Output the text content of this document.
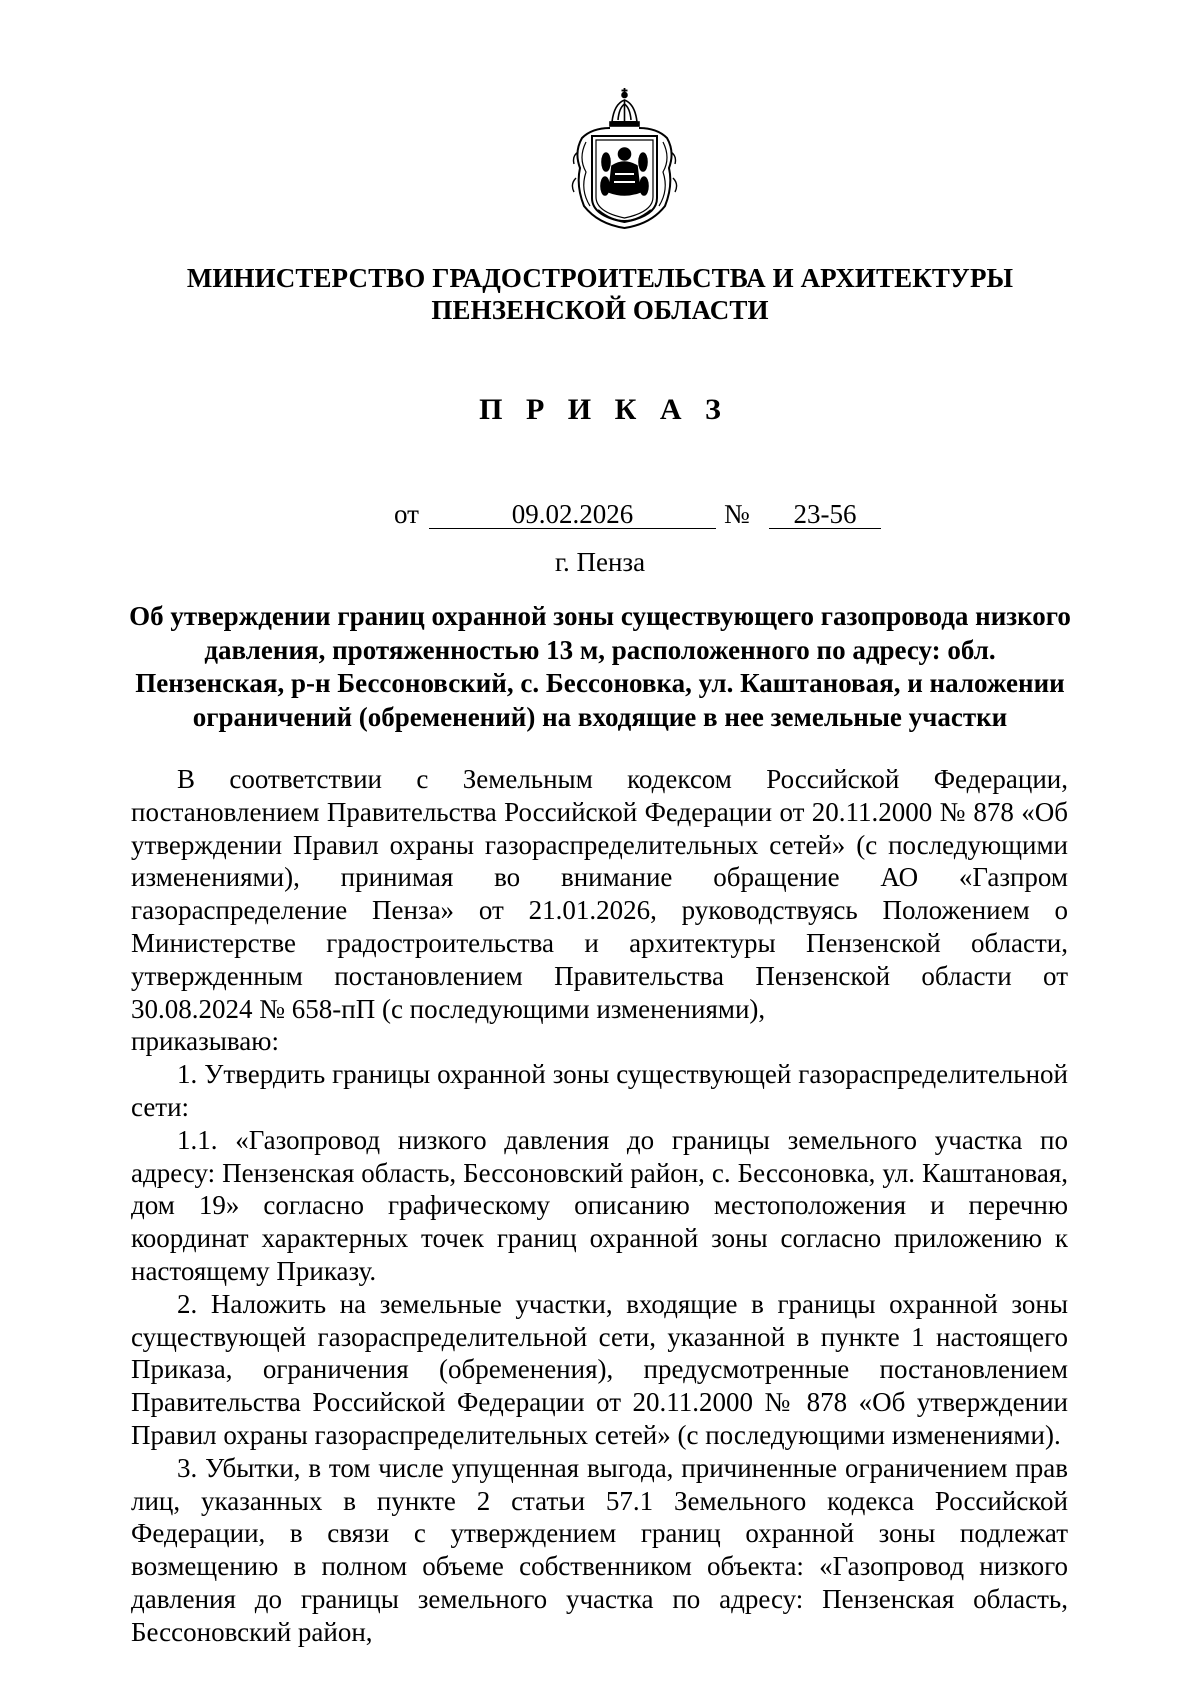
МИНИСТЕРСТВО ГРАДОСТРОИТЕЛЬСТВА И АРХИТЕКТУРЫ
ПЕНЗЕНСКОЙ ОБЛАСТИ
П Р И К А З
от	09.02.2026	№	23-56
г. Пенза
Об утверждении границ охранной зоны существующего газопровода низкого давления, протяженностью 13 м, расположенного по адресу: обл. Пензенская, р-н Бессоновский, с. Бессоновка, ул. Каштановая, и наложении ограничений (обременений) на входящие в нее земельные участки

В соответствии с Земельным кодексом Российской Федерации, постановлением Правительства Российской Федерации от 20.11.2000 № 878 «Об утверждении Правил охраны газораспределительных сетей» (с последующими изменениями), принимая во внимание обращение АО «Газпром газораспределение Пенза» от 21.01.2026, руководствуясь Положением о Министерстве градостроительства и архитектуры Пензенской области, утвержденным постановлением Правительства Пензенской области от 30.08.2024 № 658-пП (с последующими изменениями),

приказываю:

1. Утвердить границы охранной зоны существующей газораспределительной сети:

1.1. «Газопровод низкого давления до границы земельного участка по адресу: Пензенская область, Бессоновский район, с. Бессоновка, ул. Каштановая, дом 19» согласно графическому описанию местоположения и перечню координат характерных точек границ охранной зоны согласно приложению к настоящему Приказу.

2. Наложить на земельные участки, входящие в границы охранной зоны существующей газораспределительной сети, указанной в пункте 1 настоящего Приказа, ограничения (обременения), предусмотренные постановлением Правительства Российской Федерации от 20.11.2000 № 878 «Об утверждении Правил охраны газораспределительных сетей» (с последующими изменениями).

3. Убытки, в том числе упущенная выгода, причиненные ограничением прав лиц, указанных в пункте 2 статьи 57.1 Земельного кодекса Российской Федерации, в связи с утверждением границ охранной зоны подлежат возмещению в полном объеме собственником объекта: «Газопровод низкого давления до границы земельного участка по адресу: Пензенская область, Бессоновский район,
